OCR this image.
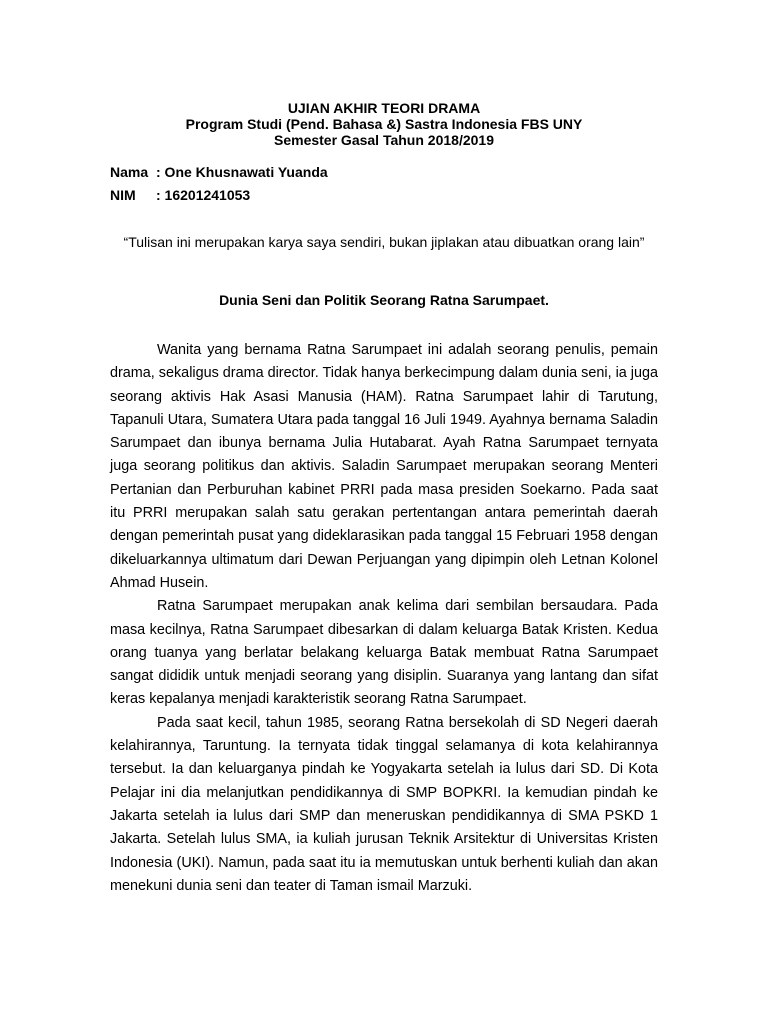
UJIAN AKHIR TEORI DRAMA
Program Studi (Pend. Bahasa &) Sastra Indonesia FBS UNY
Semester Gasal Tahun 2018/2019
Nama : One Khusnawati Yuanda
NIM : 16201241053
“Tulisan ini merupakan karya saya sendiri, bukan jiplakan atau dibuatkan orang lain”
Dunia Seni dan Politik Seorang Ratna Sarumpaet.

Wanita yang bernama Ratna Sarumpaet ini adalah seorang penulis, pemain drama, sekaligus drama director. Tidak hanya berkecimpung dalam dunia seni, ia juga seorang aktivis Hak Asasi Manusia (HAM). Ratna Sarumpaet lahir di Tarutung, Tapanuli Utara, Sumatera Utara pada tanggal 16 Juli 1949. Ayahnya bernama Saladin Sarumpaet dan ibunya bernama Julia Hutabarat. Ayah Ratna Sarumpaet ternyata juga seorang politikus dan aktivis. Saladin Sarumpaet merupakan seorang Menteri Pertanian dan Perburuhan kabinet PRRI pada masa presiden Soekarno. Pada saat itu PRRI merupakan salah satu gerakan pertentangan antara pemerintah daerah dengan pemerintah pusat yang dideklarasikan pada tanggal 15 Februari 1958 dengan dikeluarkannya ultimatum dari Dewan Perjuangan yang dipimpin oleh Letnan Kolonel Ahmad Husein.

Ratna Sarumpaet merupakan anak kelima dari sembilan bersaudara. Pada masa kecilnya, Ratna Sarumpaet dibesarkan di dalam keluarga Batak Kristen. Kedua orang tuanya yang berlatar belakang keluarga Batak membuat Ratna Sarumpaet sangat dididik untuk menjadi seorang yang disiplin. Suaranya yang lantang dan sifat keras kepalanya menjadi karakteristik seorang Ratna Sarumpaet.

Pada saat kecil, tahun 1985, seorang Ratna bersekolah di SD Negeri daerah kelahirannya, Taruntung. Ia ternyata tidak tinggal selamanya di kota kelahirannya tersebut. Ia dan keluarganya pindah ke Yogyakarta setelah ia lulus dari SD. Di Kota Pelajar ini dia melanjutkan pendidikannya di SMP BOPKRI. Ia kemudian pindah ke Jakarta setelah ia lulus dari SMP dan meneruskan pendidikannya di SMA PSKD 1 Jakarta. Setelah lulus SMA, ia kuliah jurusan Teknik Arsitektur di Universitas Kristen Indonesia (UKI). Namun, pada saat itu ia memutuskan untuk berhenti kuliah dan akan menekuni dunia seni dan teater di Taman ismail Marzuki.
